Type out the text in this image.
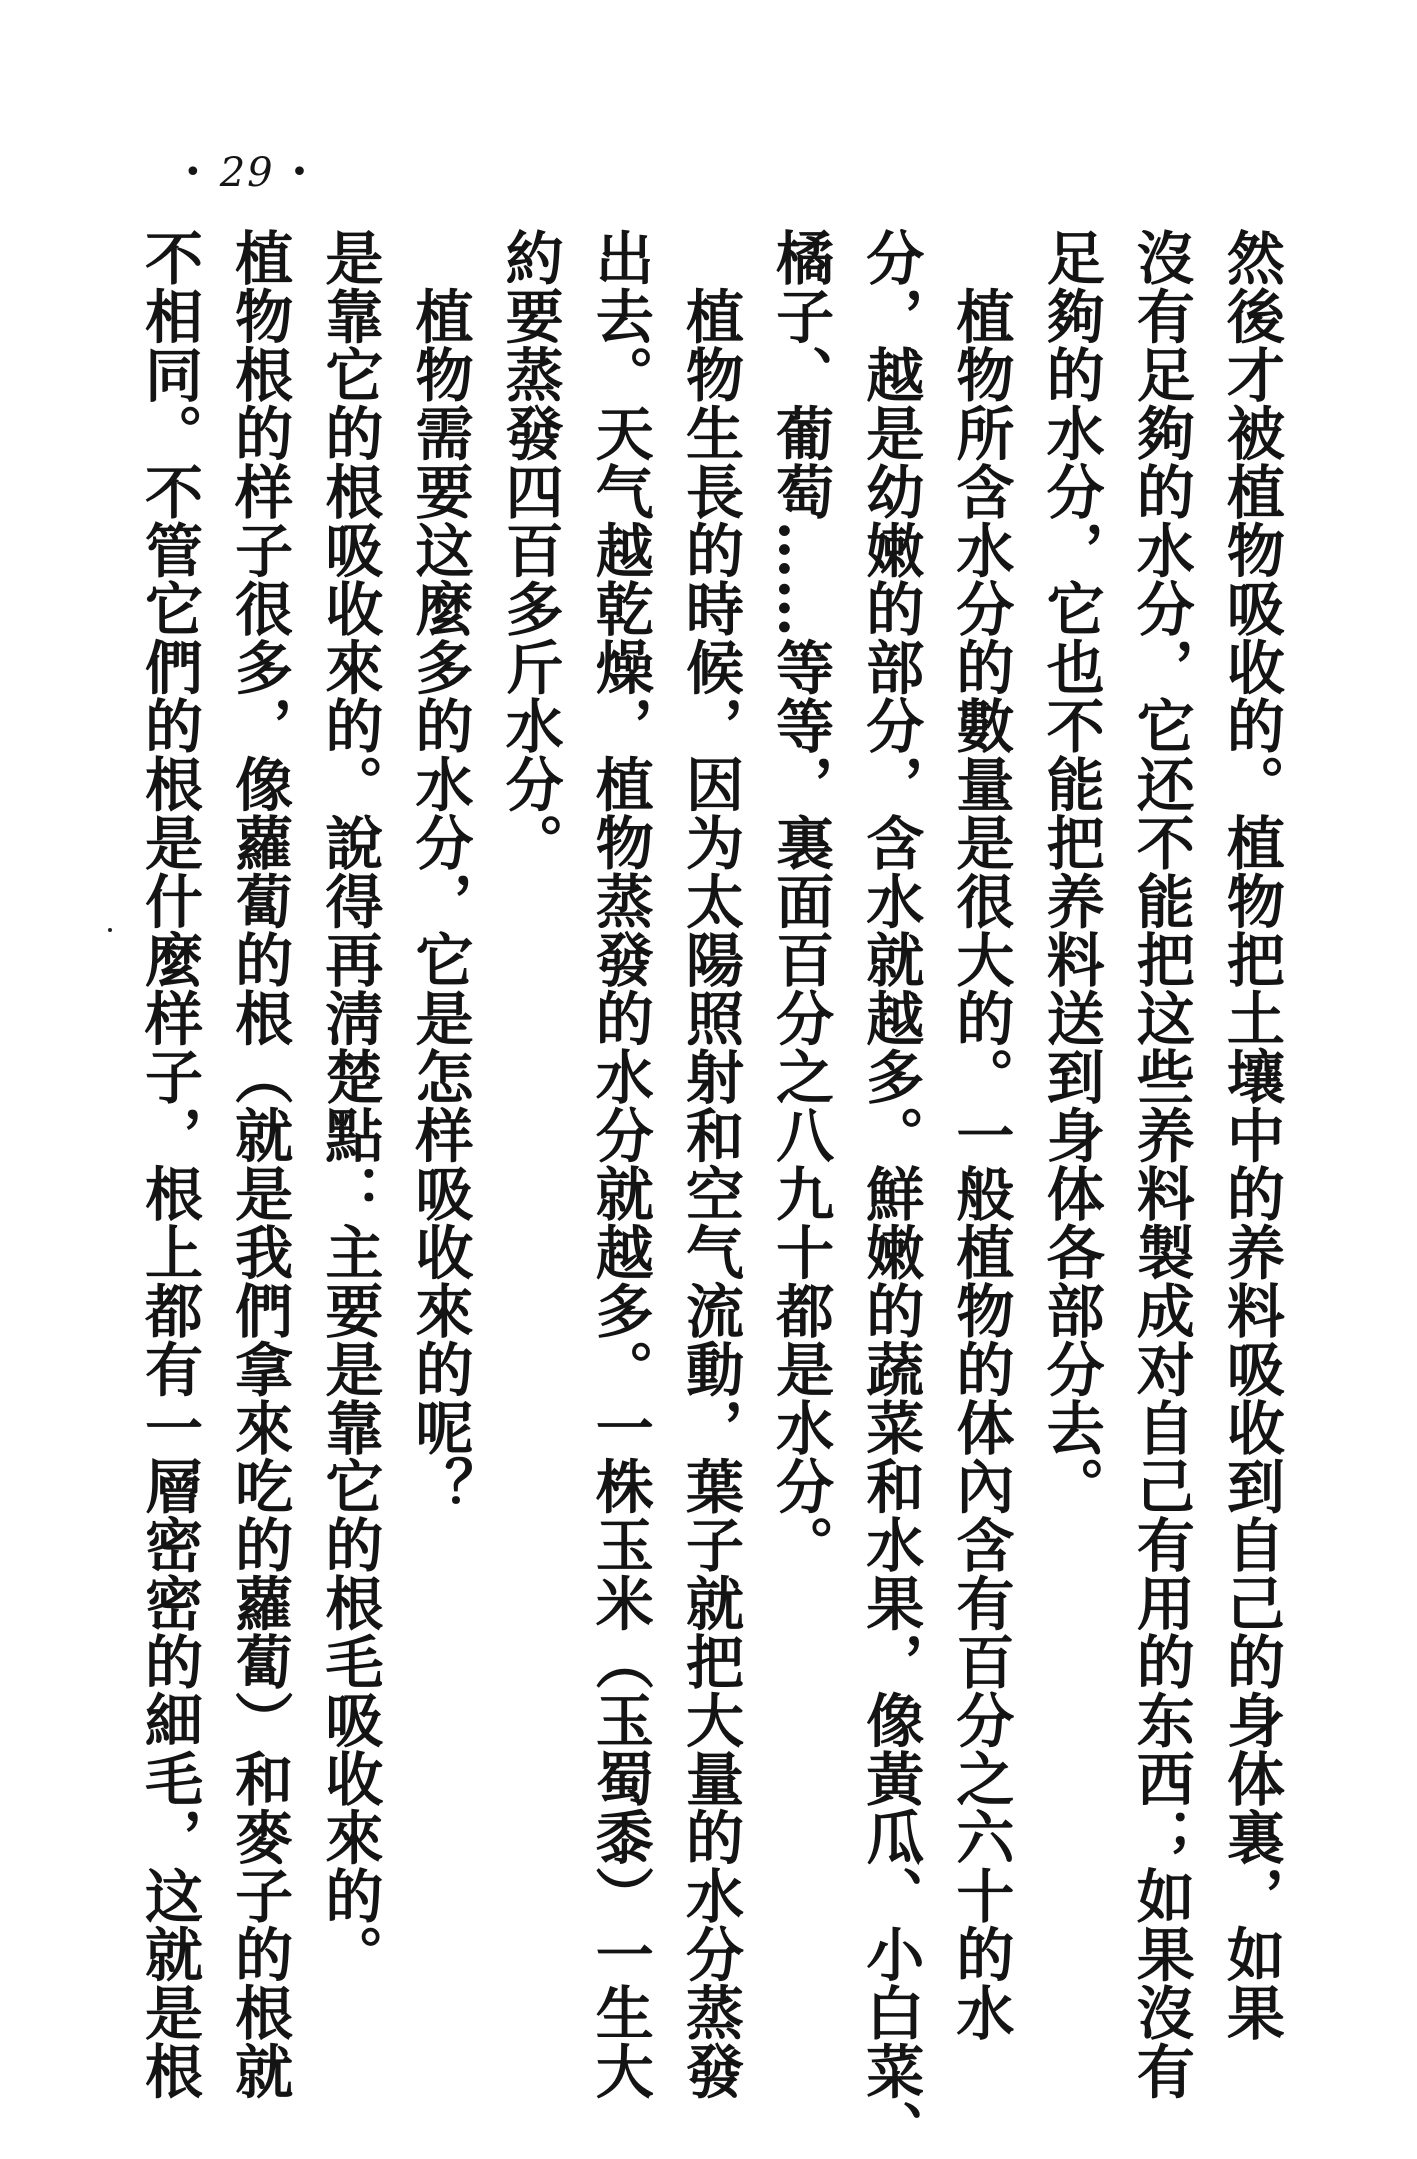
• 29 •
然後才被植物吸收的。植物把土壤中的养料吸收到自己的身体裏，如果
沒有足夠的水分，它还不能把这些养料製成对自己有用的东西；如果沒有
足夠的水分，它也不能把养料送到身体各部分去。
　植物所含水分的數量是很大的。一般植物的体內含有百分之六十的水
分，越是幼嫩的部分，含水就越多。鮮嫩的蔬菜和水果，像黃瓜、小白菜、
橘子、葡萄……等等，裏面百分之八九十都是水分。
　植物生長的時候，因为太陽照射和空气流動，葉子就把大量的水分蒸發
出去。天气越乾燥，植物蒸發的水分就越多。一株玉米（玉蜀黍）一生大
約要蒸發四百多斤水分。
　植物需要这麼多的水分，它是怎样吸收來的呢？
是靠它的根吸收來的。說得再淸楚點：主要是靠它的根毛吸收來的。
植物根的样子很多，像蘿蔔的根（就是我們拿來吃的蘿蔔）和麥子的根就
不相同。不管它們的根是什麼样子，根上都有一層密密的細毛，这就是根
